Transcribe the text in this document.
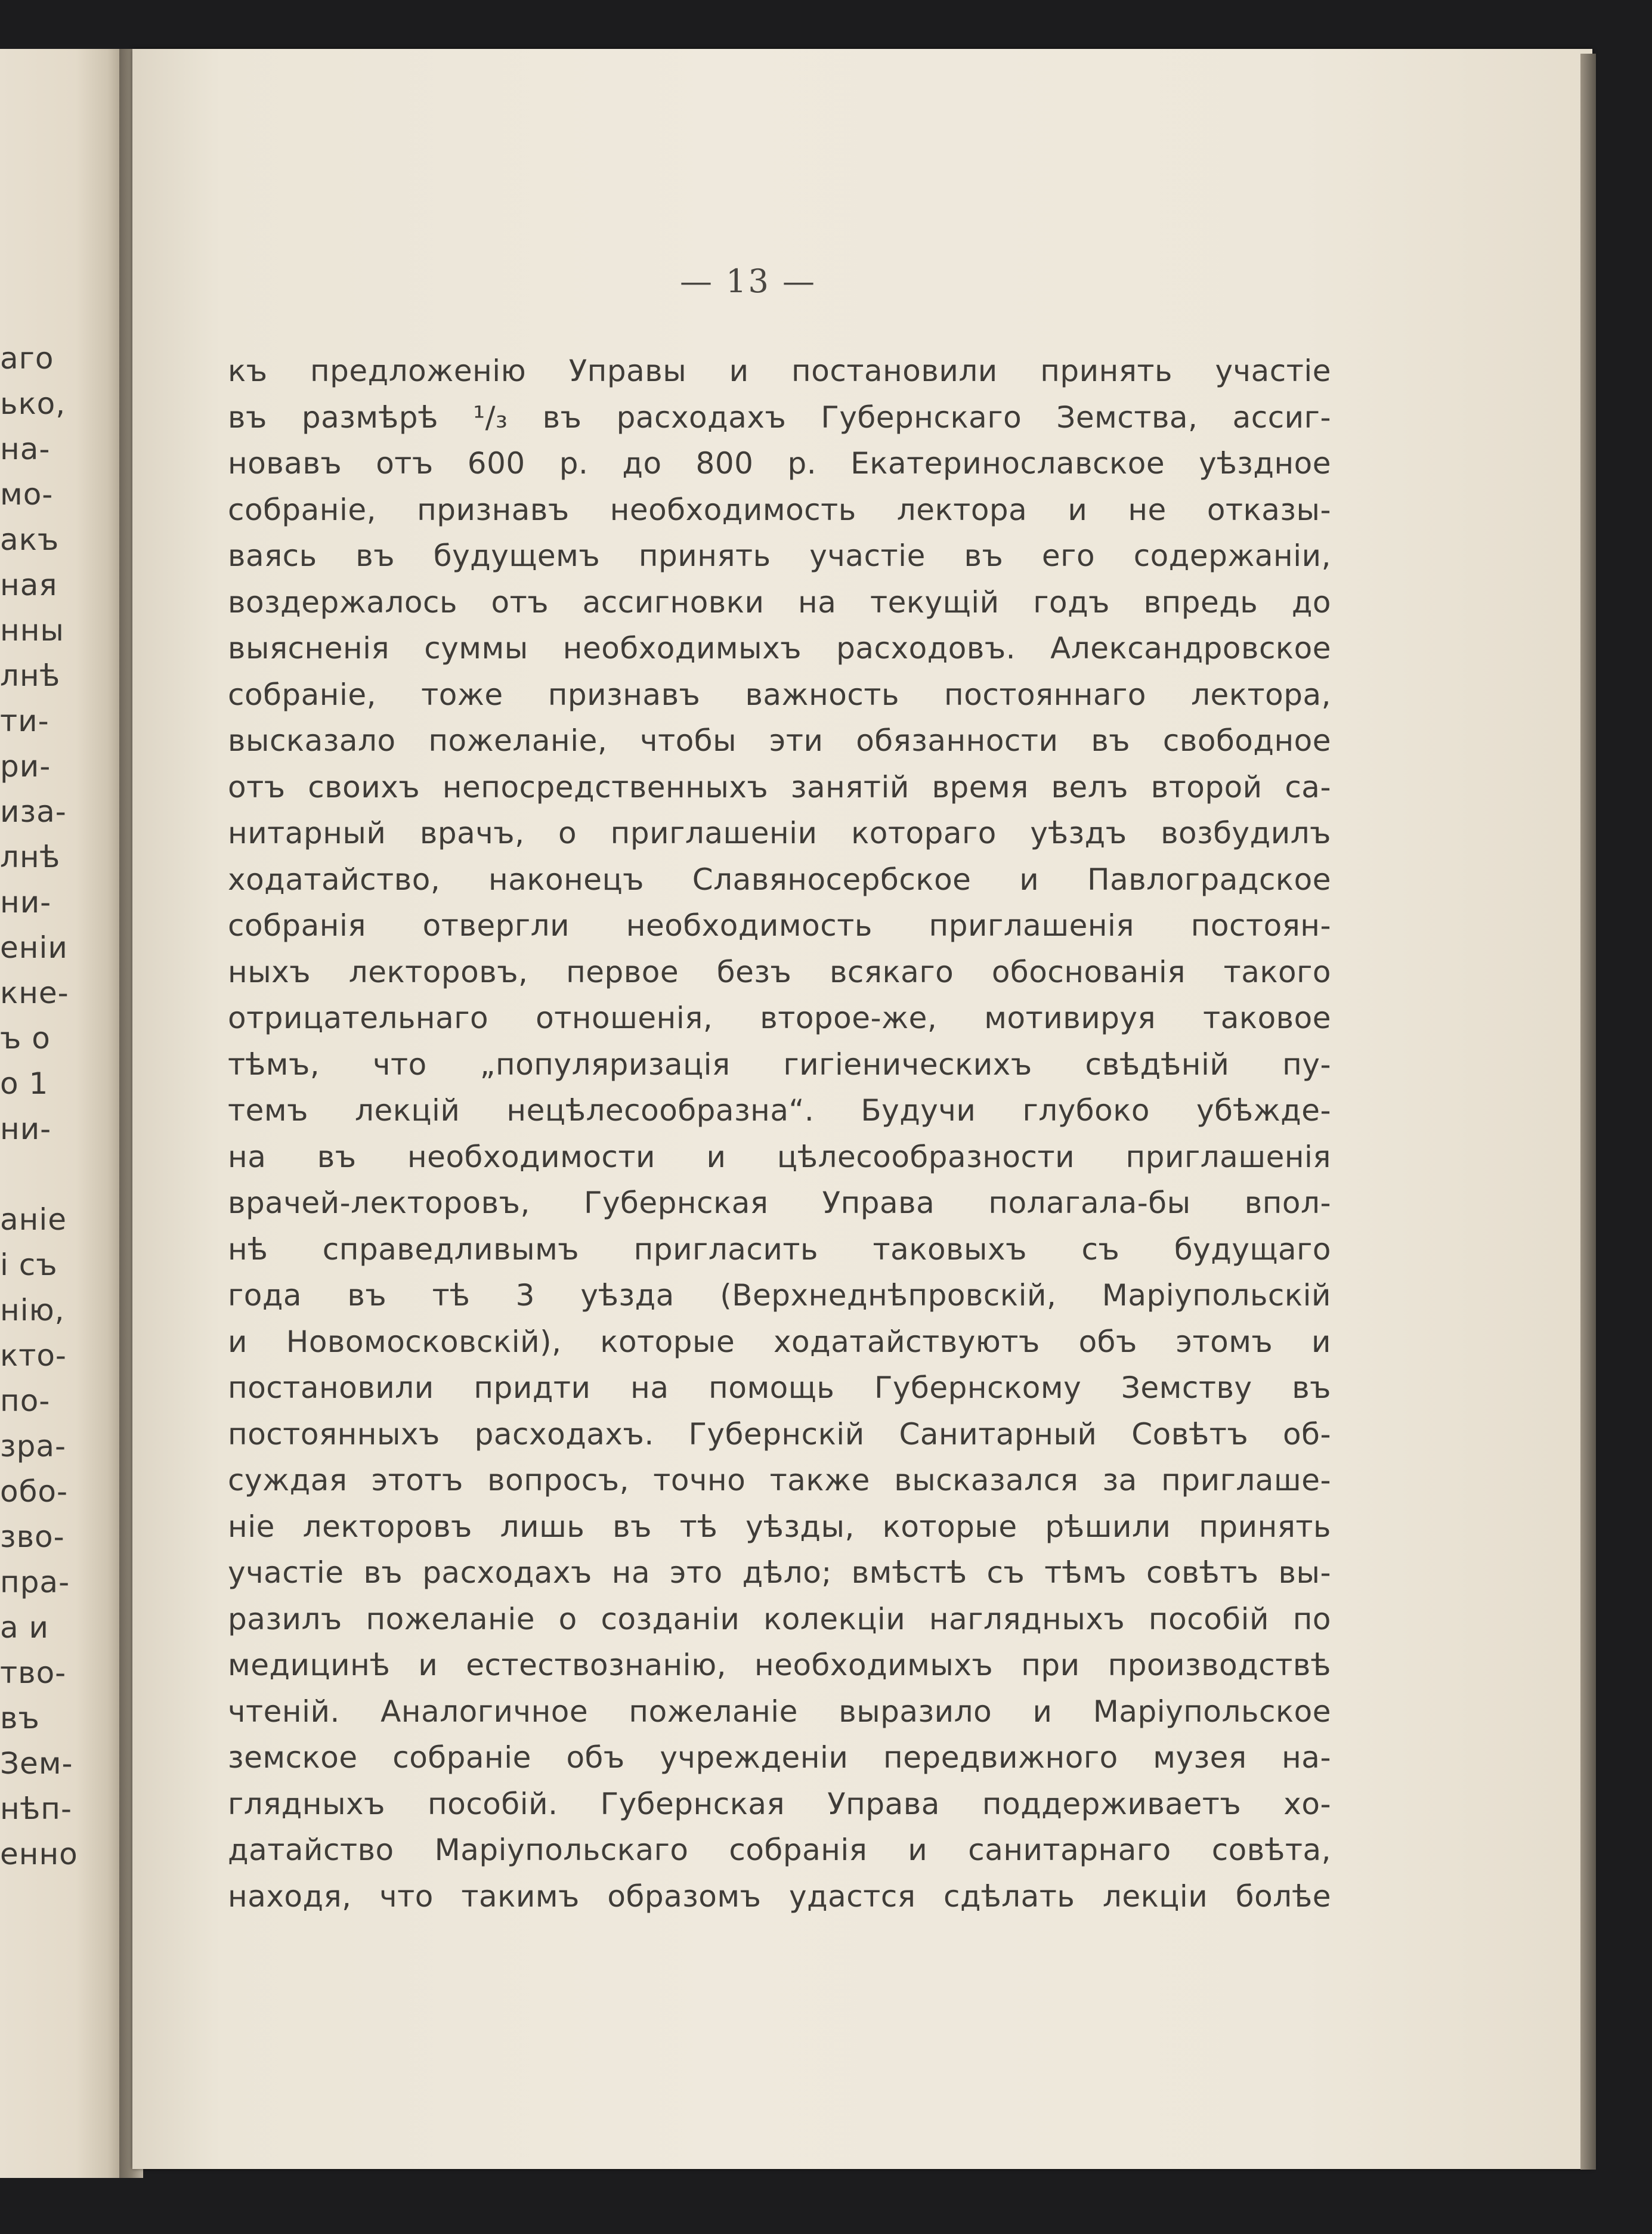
аго
ько,
на-
мо-
акъ
ная
нны
лнѣ
ти-
ри-
иза-
лнѣ
ни-
еніи
кне-
ъ о
о 1
ни-
аніе
і съ
нію,
кто-
по-
зра-
обо-
зво-
пра-
а и
тво-
въ
Зем-
нѣп-
енно
— 13 —
къ предложенію Управы и постановили принять участіе
въ размѣрѣ ¹/₃ въ расходахъ Губернскаго Земства, ассиг-
новавъ отъ 600 р. до 800 р. Екатеринославское уѣздное
собраніе, признавъ необходимость лектора и не отказы-
ваясь въ будущемъ принять участіе въ его содержаніи,
воздержалось отъ ассигновки на текущій годъ впредь до
выясненія суммы необходимыхъ расходовъ. Александровское
собраніе, тоже признавъ важность постояннаго лектора,
высказало пожеланіе, чтобы эти обязанности въ свободное
отъ своихъ непосредственныхъ занятій время велъ второй са-
нитарный врачъ, о приглашеніи котораго уѣздъ возбудилъ
ходатайство, наконецъ Славяносербское и Павлоградское
собранія отвергли необходимость приглашенія постоян-
ныхъ лекторовъ, первое безъ всякаго обоснованія такого
отрицательнаго отношенія, второе-же, мотивируя таковое
тѣмъ, что „популяризація гигіеническихъ свѣдѣній пу-
темъ лекцій нецѣлесообразна“. Будучи глубоко убѣжде-
на въ необходимости и цѣлесообразности приглашенія
врачей-лекторовъ, Губернская Управа полагала-бы впол-
нѣ справедливымъ пригласить таковыхъ съ будущаго
года въ тѣ 3 уѣзда (Верхнеднѣпровскій, Маріупольскій
и Новомосковскій), которые ходатайствуютъ объ этомъ и
постановили придти на помощь Губернскому Земству въ
постоянныхъ расходахъ. Губернскій Санитарный Совѣтъ об-
суждая этотъ вопросъ, точно также высказался за приглаше-
ніе лекторовъ лишь въ тѣ уѣзды, которые рѣшили принять
участіе въ расходахъ на это дѣло; вмѣстѣ съ тѣмъ совѣтъ вы-
разилъ пожеланіе о созданіи колекціи наглядныхъ пособій по
медицинѣ и естествознанію, необходимыхъ при производствѣ
чтеній. Аналогичное пожеланіе выразило и Маріупольское
земское собраніе объ учрежденіи передвижного музея на-
глядныхъ пособій. Губернская Управа поддерживаетъ хо-
датайство Маріупольскаго собранія и санитарнаго совѣта,
находя, что такимъ образомъ удастся сдѣлать лекціи болѣе
